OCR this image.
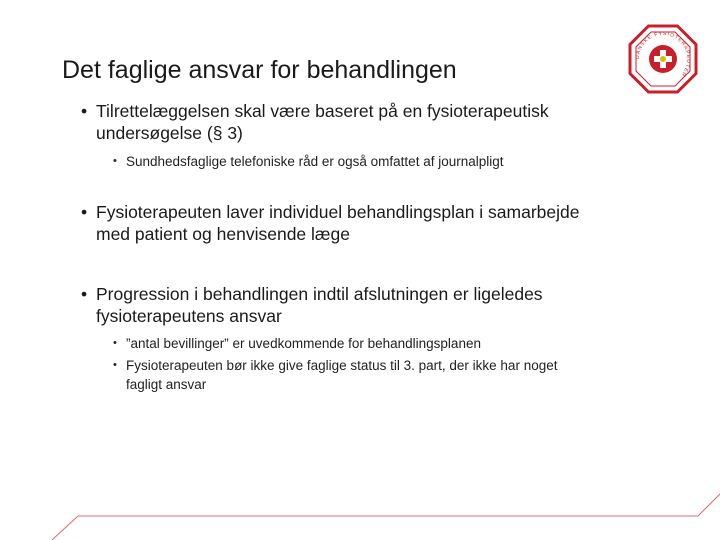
DANSKE FYSIOTERAPEUTER
Det faglige ansvar for behandlingen
• Tilrettelæggelsen skal være baseret på en fysioterapeutisk
undersøgelse (§ 3)
• Sundhedsfaglige telefoniske råd er også omfattet af journalpligt
• Fysioterapeuten laver individuel behandlingsplan i samarbejde
med patient og henvisende læge
• Progression i behandlingen indtil afslutningen er ligeledes
fysioterapeutens ansvar
• ”antal bevillinger” er uvedkommende for behandlingsplanen
• Fysioterapeuten bør ikke give faglige status til 3. part, der ikke har noget
fagligt ansvar
